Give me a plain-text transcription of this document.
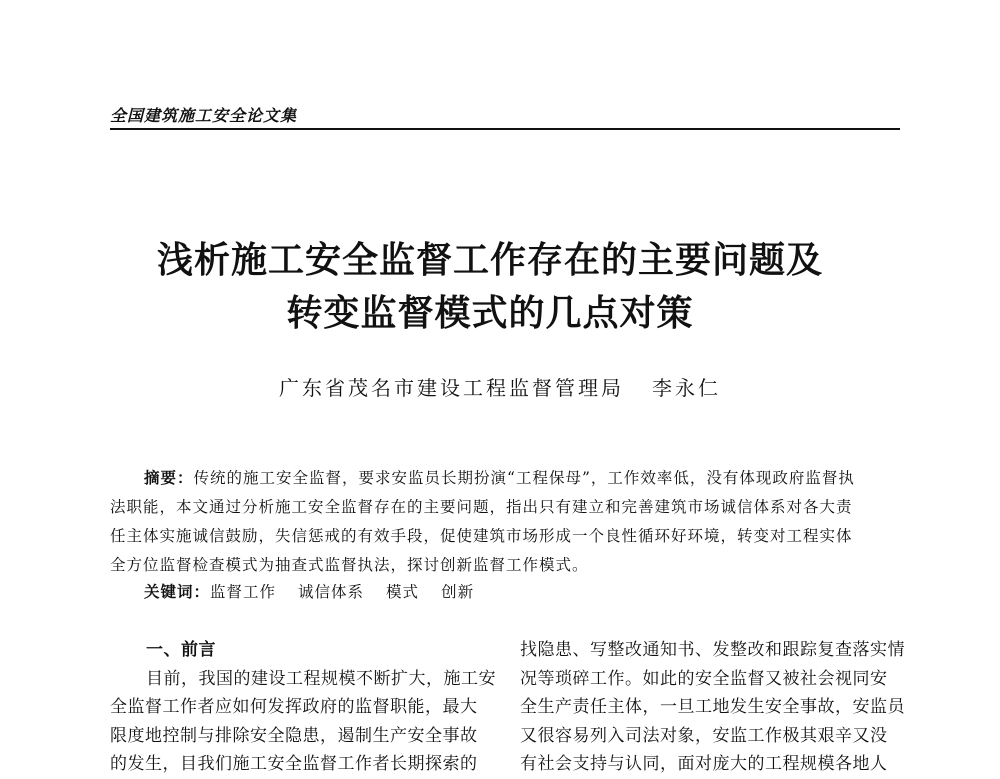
全国建筑施工安全论文集
浅析施工安全监督工作存在的主要问题及
转变监督模式的几点对策
广东省茂名市建设工程监督管理局 李永仁
摘要：传统的施工安全监督，要求安监员长期扮演“工程保母”，工作效率低，没有体现政府监督执
法职能，本文通过分析施工安全监督存在的主要问题，指出只有建立和完善建筑市场诚信体系对各大责
任主体实施诚信鼓励，失信惩戒的有效手段，促使建筑市场形成一个良性循环好环境，转变对工程实体
全方位监督检查模式为抽查式监督执法，探讨创新监督工作模式。
关键词：监督工作 诚信体系 模式 创新
一、前言
目前，我国的建设工程规模不断扩大，施工安
全监督工作者应如何发挥政府的监督职能，最大
限度地控制与排除安全隐患，遏制生产安全事故
的发生，目我们施工安全监督工作者长期探索的
找隐患、写整改通知书、发整改和跟踪复查落实情
况等琐碎工作。如此的安全监督又被社会视同安
全生产责任主体，一旦工地发生安全事故，安监员
又很容易列入司法对象，安监工作极其艰辛又没
有社会支持与认同，面对庞大的工程规模各地人
